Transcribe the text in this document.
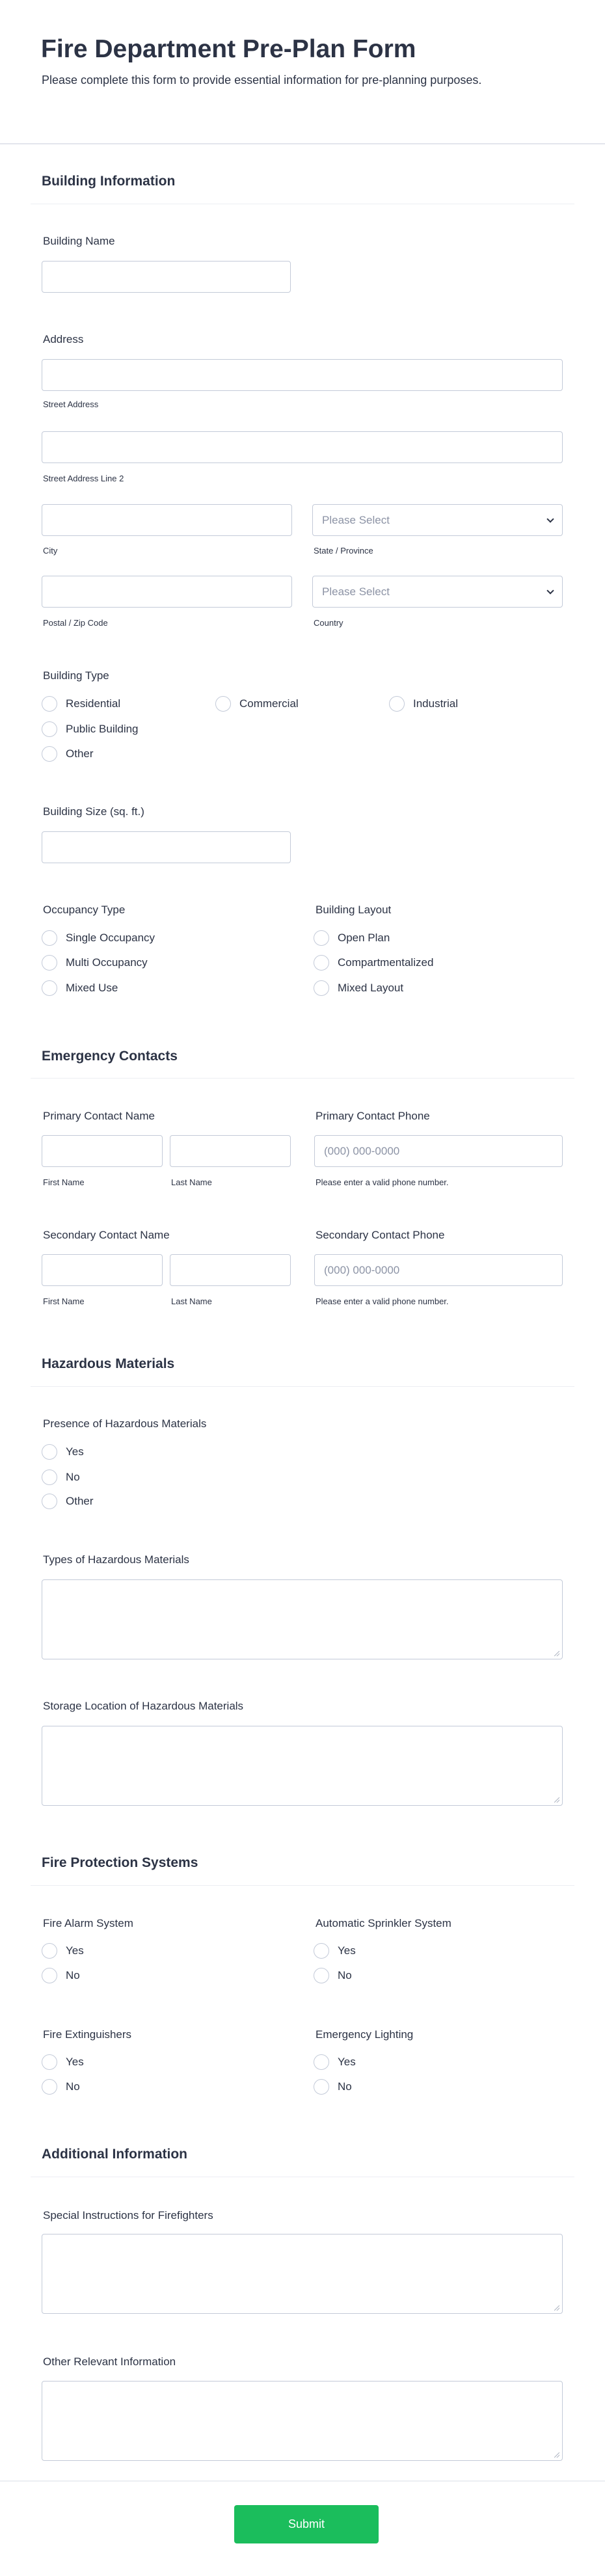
Fire Department Pre-Plan Form
Please complete this form to provide essential information for pre-planning purposes.
Building Information
Building Name
Address
Street Address
Street Address Line 2
City
Please Select
State / Province
Postal / Zip Code
Please Select
Country
Building Type
Residential	Commercial	Industrial
Public Building
Other
Building Size (sq. ft.)
Occupancy Type
Single Occupancy
Multi Occupancy
Mixed Use
Building Layout
Open Plan
Compartmentalized
Mixed Layout
Emergency Contacts
Primary Contact Name
First Name	Last Name
Primary Contact Phone
(000) 000-0000
Please enter a valid phone number.
Secondary Contact Name
First Name	Last Name
Secondary Contact Phone
(000) 000-0000
Please enter a valid phone number.
Hazardous Materials
Presence of Hazardous Materials
Yes
No
Other
Types of Hazardous Materials
Storage Location of Hazardous Materials
Fire Protection Systems
Fire Alarm System
Yes
No
Automatic Sprinkler System
Yes
No
Fire Extinguishers
Yes
No
Emergency Lighting
Yes
No
Additional Information
Special Instructions for Firefighters
Other Relevant Information
Submit
